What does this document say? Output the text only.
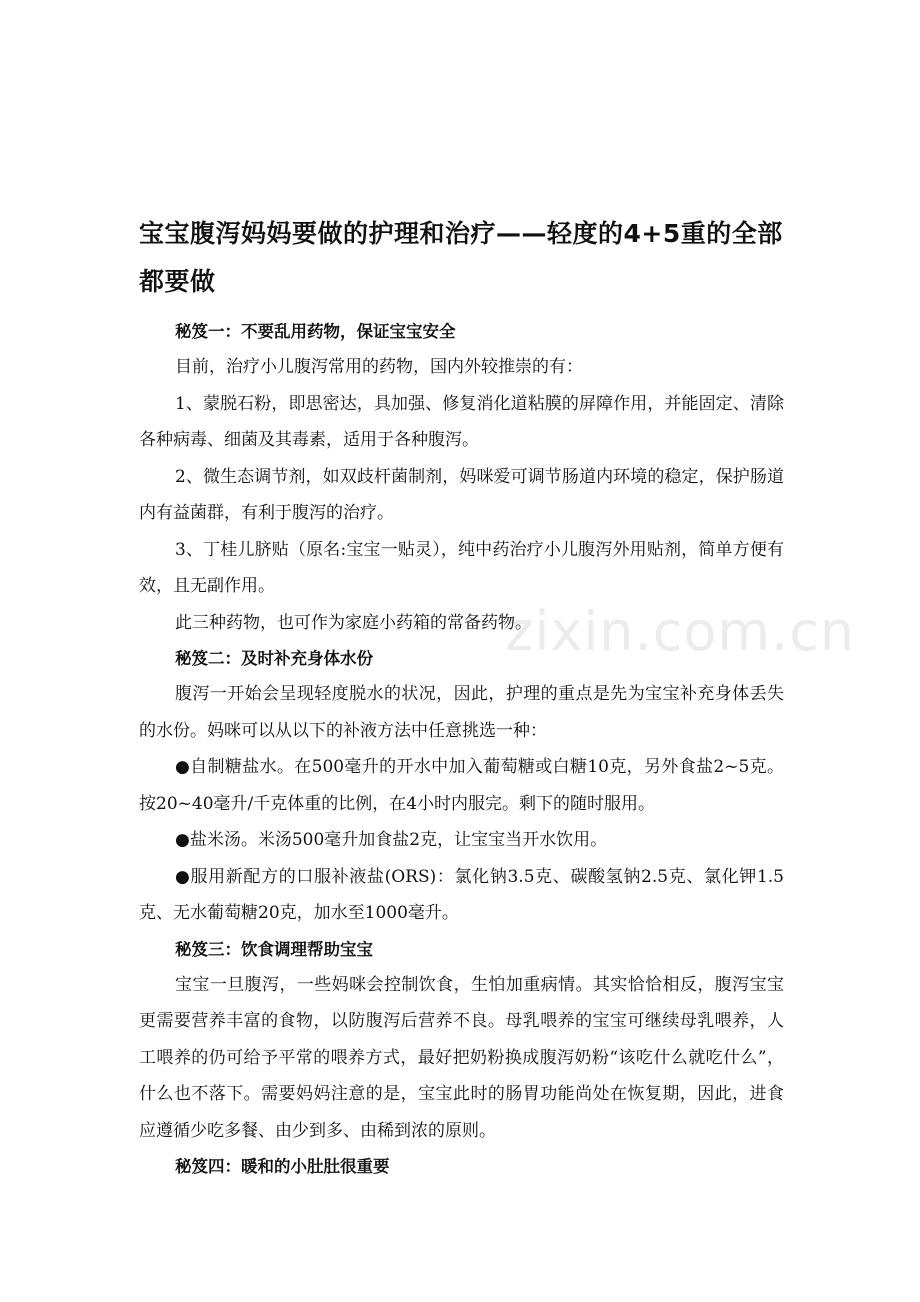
zixin.com.cn
宝宝腹泻妈妈要做的护理和治疗——轻度的4+5重的全部都要做

秘笈一：不要乱用药物，保证宝宝安全

目前，治疗小儿腹泻常用的药物，国内外较推崇的有：

1、蒙脱石粉，即思密达，具加强、修复消化道粘膜的屏障作用，并能固定、清除各种病毒、细菌及其毒素，适用于各种腹泻。

2、微生态调节剂，如双歧杆菌制剂，妈咪爱可调节肠道内环境的稳定，保护肠道内有益菌群，有利于腹泻的治疗。

3、丁桂儿脐贴（原名:宝宝一贴灵），纯中药治疗小儿腹泻外用贴剂，简单方便有效，且无副作用。

此三种药物，也可作为家庭小药箱的常备药物。

秘笈二：及时补充身体水份

腹泻一开始会呈现轻度脱水的状况，因此，护理的重点是先为宝宝补充身体丢失的水份。妈咪可以从以下的补液方法中任意挑选一种：

●自制糖盐水。在500毫升的开水中加入葡萄糖或白糖10克，另外食盐2~5克。按20~40毫升/千克体重的比例，在4小时内服完。剩下的随时服用。

●盐米汤。米汤500毫升加食盐2克，让宝宝当开水饮用。

●服用新配方的口服补液盐(ORS)：氯化钠3.5克、碳酸氢钠2.5克、氯化钾1.5克、无水葡萄糖20克，加水至1000毫升。

秘笈三：饮食调理帮助宝宝

宝宝一旦腹泻，一些妈咪会控制饮食，生怕加重病情。其实恰恰相反，腹泻宝宝更需要营养丰富的食物，以防腹泻后营养不良。母乳喂养的宝宝可继续母乳喂养，人工喂养的仍可给予平常的喂养方式，最好把奶粉换成腹泻奶粉“该吃什么就吃什么”，什么也不落下。需要妈妈注意的是，宝宝此时的肠胃功能尚处在恢复期，因此，进食应遵循少吃多餐、由少到多、由稀到浓的原则。

秘笈四：暖和的小肚肚很重要
